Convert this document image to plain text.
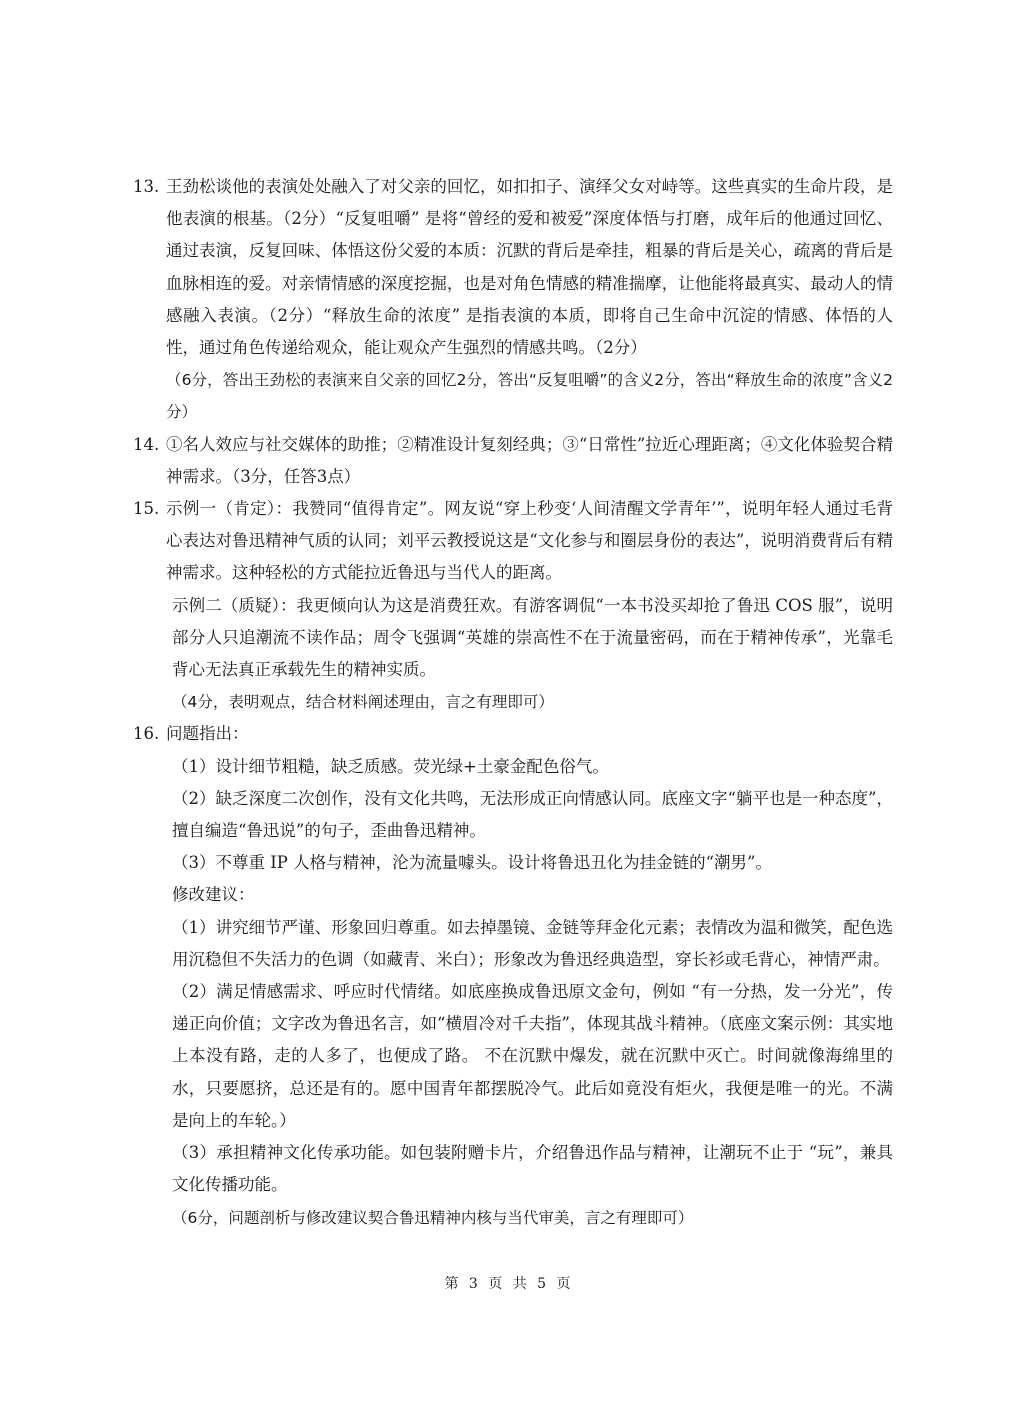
13. 王劲松谈他的表演处处融入了对父亲的回忆，如扣扣子、演绎父女对峙等。这些真实的生命片段，是他表演的根基。（2分）“反复咀嚼” 是将“曾经的爱和被爱”深度体悟与打磨，成年后的他通过回忆、通过表演，反复回味、体悟这份父爱的本质：沉默的背后是牵挂，粗暴的背后是关心，疏离的背后是血脉相连的爱。对亲情情感的深度挖掘，也是对角色情感的精准揣摩，让他能将最真实、最动人的情感融入表演。（2分）“释放生命的浓度” 是指表演的本质，即将自己生命中沉淀的情感、体悟的人性，通过角色传递给观众，能让观众产生强烈的情感共鸣。（2分）

（6分，答出王劲松的表演来自父亲的回忆2分，答出“反复咀嚼”的含义2分，答出“释放生命的浓度”含义2分）

14. ①名人效应与社交媒体的助推；②精准设计复刻经典；③“日常性”拉近心理距离；④文化体验契合精神需求。（3分，任答3点）

15. 示例一（肯定）：我赞同“值得肯定”。网友说“穿上秒变‘人间清醒文学青年’”，说明年轻人通过毛背心表达对鲁迅精神气质的认同；刘平云教授说这是“文化参与和圈层身份的表达”，说明消费背后有精神需求。这种轻松的方式能拉近鲁迅与当代人的距离。

示例二（质疑）：我更倾向认为这是消费狂欢。有游客调侃“一本书没买却抢了鲁迅 COS 服”，说明部分人只追潮流不读作品；周令飞强调“英雄的崇高性不在于流量密码，而在于精神传承”，光靠毛背心无法真正承载先生的精神实质。

（4分，表明观点，结合材料阐述理由，言之有理即可）

16. 问题指出：

（1）设计细节粗糙，缺乏质感。荧光绿+土豪金配色俗气。

（2）缺乏深度二次创作，没有文化共鸣，无法形成正向情感认同。底座文字“躺平也是一种态度”，擅自编造“鲁迅说”的句子，歪曲鲁迅精神。

（3）不尊重 IP 人格与精神，沦为流量噱头。设计将鲁迅丑化为挂金链的“潮男”。

修改建议：

（1）讲究细节严谨、形象回归尊重。如去掉墨镜、金链等拜金化元素；表情改为温和微笑，配色选用沉稳但不失活力的色调（如藏青、米白）；形象改为鲁迅经典造型，穿长衫或毛背心，神情严肃。

（2）满足情感需求、呼应时代情绪。如底座换成鲁迅原文金句，例如 “有一分热，发一分光”，传递正向价值；文字改为鲁迅名言，如“横眉冷对千夫指”，体现其战斗精神。（底座文案示例：其实地上本没有路，走的人多了，也便成了路。 不在沉默中爆发，就在沉默中灭亡。时间就像海绵里的水，只要愿挤，总还是有的。愿中国青年都摆脱冷气。此后如竟没有炬火，我便是唯一的光。不满是向上的车轮。）

（3）承担精神文化传承功能。如包装附赠卡片，介绍鲁迅作品与精神，让潮玩不止于 “玩”，兼具文化传播功能。

（6分，问题剖析与修改建议契合鲁迅精神内核与当代审美，言之有理即可）

第 3 页 共 5 页
